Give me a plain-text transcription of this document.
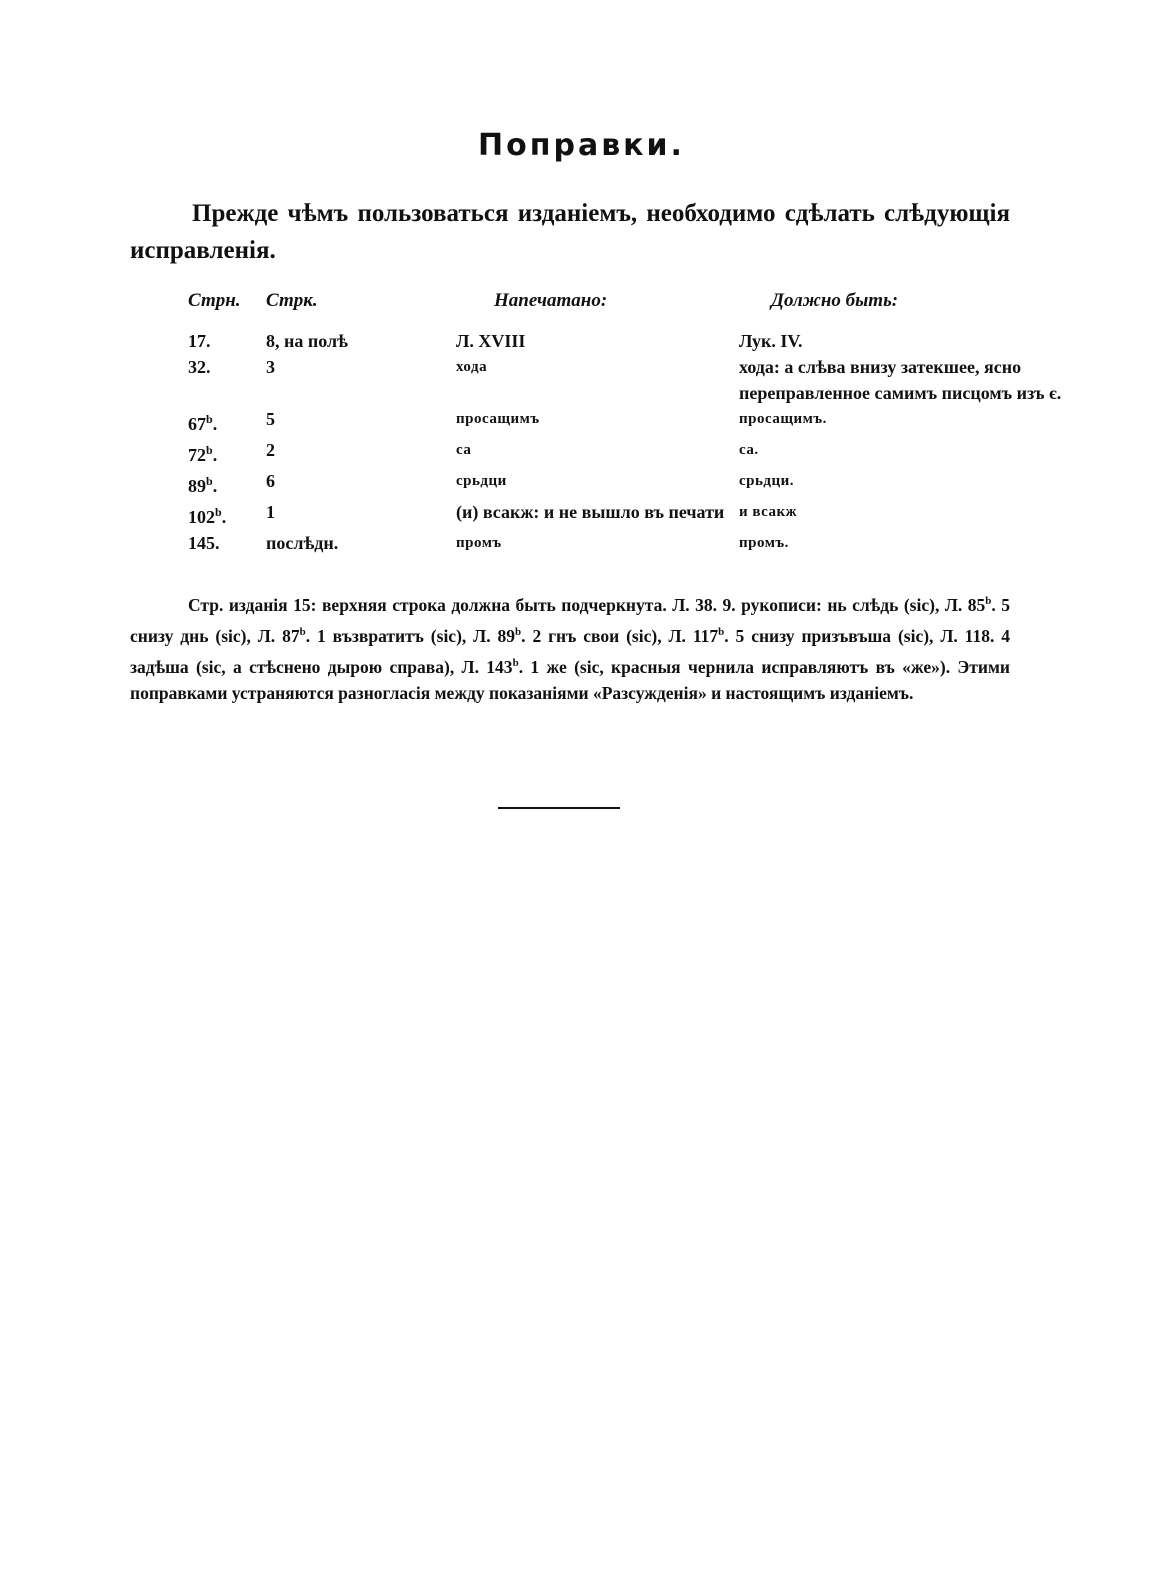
Поправки.
Прежде чѣмъ пользоваться изданіемъ, необходимо сдѣлать слѣдующія исправленія.
Стрн.	Стрк.	Напечатано:	Должно быть:
17.	8, на полѣ	Л. XVIII	Лук. IV.
32.	3	хода	хода: а слѣва внизу затекшее, ясно переправленное самимъ писцомъ изъ є.
67$^b$.	5	просащимъ	просащимъ.
72$^b$.	2	са	са.
89$^b$.	6	срьдци	срьдци.
102$^b$.	1	(и) всакж: и не вышло въ печати	и всакж
145.	послѣдн.	промъ	промъ.
Стр. изданія 15: верхняя строка должна быть подчеркнута. Л. 38. 9. рукописи: нь слѣдь (sic), Л. 85$^b$. 5 снизу днь (sic), Л. 87$^b$. 1 възвратитъ (sic), Л. 89$^b$. 2 гнъ свои (sic), Л. 117$^b$. 5 снизу призъвъша (sic), Л. 118. 4 задѣша (sic, а стѣснено дырою справа), Л. 143$^b$. 1 же (sic, красныя чернила исправляютъ въ «же»). Этими поправками устраняются разногласія между показаніями «Разсужденія» и настоящимъ изданіемъ.
